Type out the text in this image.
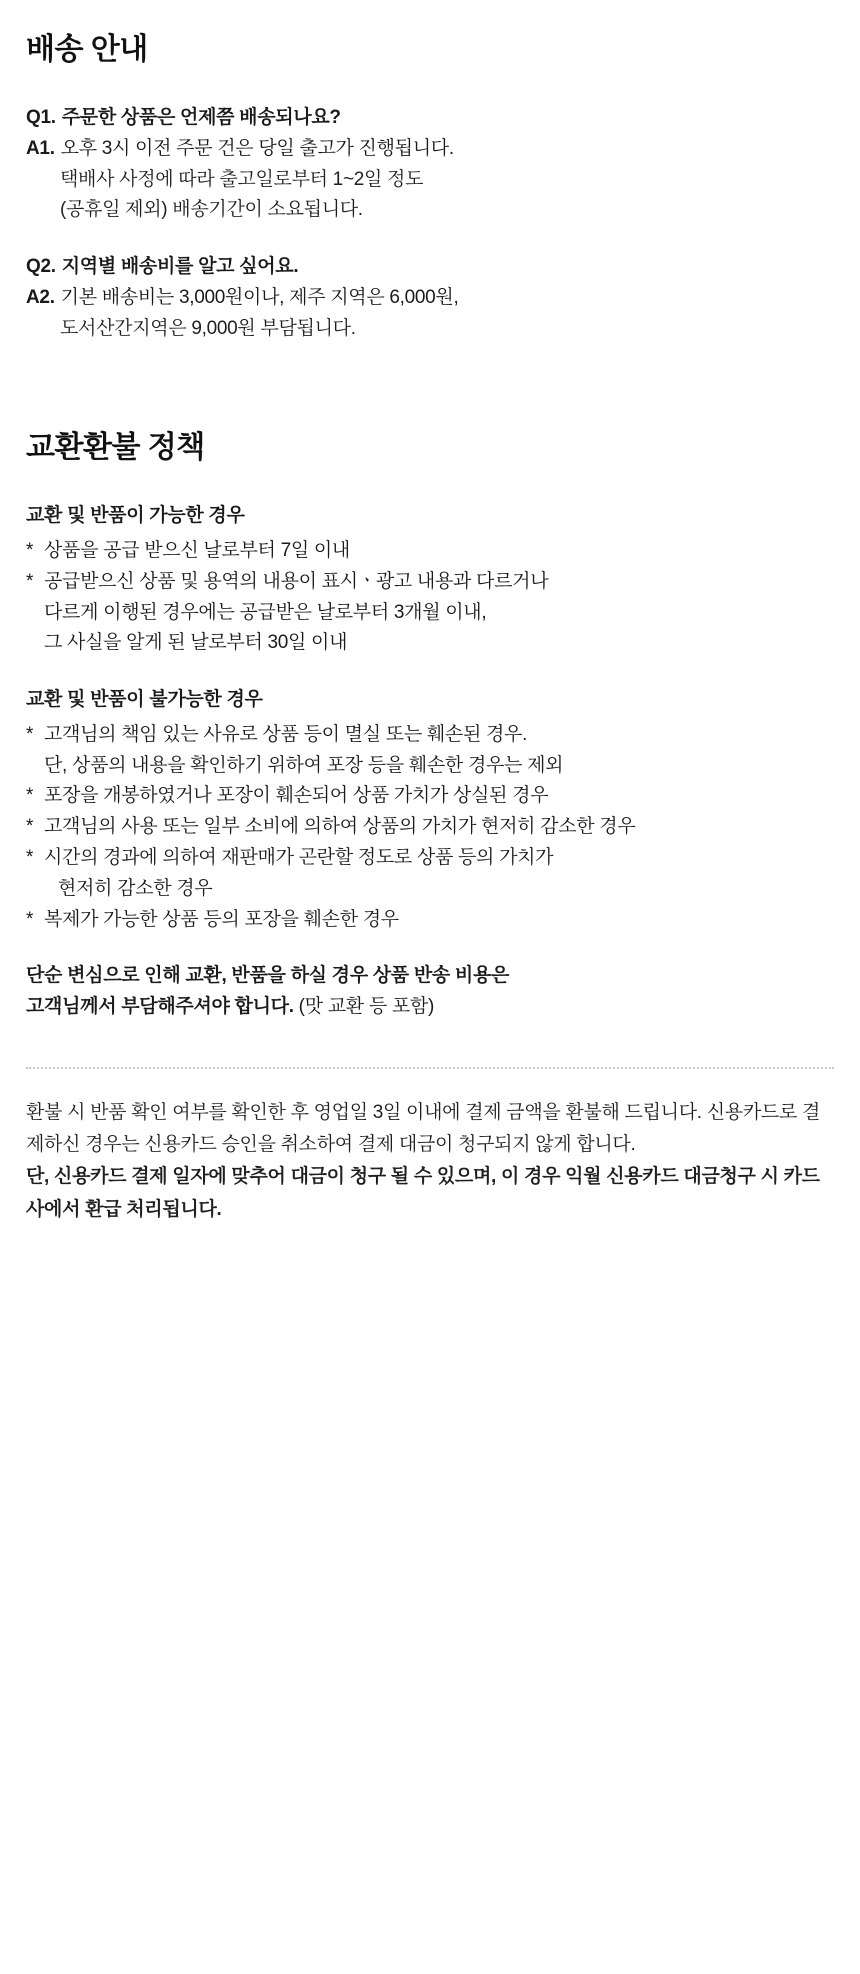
배송 안내
Q1. 주문한 상품은 언제쯤 배송되나요?
A1. 오후 3시 이전 주문 건은 당일 출고가 진행됩니다.
택배사 사정에 따라 출고일로부터 1~2일 정도
(공휴일 제외) 배송기간이 소요됩니다.
Q2. 지역별 배송비를 알고 싶어요.
A2. 기본 배송비는 3,000원이나, 제주 지역은 6,000원,
도서산간지역은 9,000원 부담됩니다.
교환환불 정책
교환 및 반품이 가능한 경우
* 상품을 공급 받으신 날로부터 7일 이내
* 공급받으신 상품 및 용역의 내용이 표시ㆍ광고 내용과 다르거나
다르게 이행된 경우에는 공급받은 날로부터 3개월 이내,
그 사실을 알게 된 날로부터 30일 이내
교환 및 반품이 불가능한 경우
* 고객님의 책임 있는 사유로 상품 등이 멸실 또는 훼손된 경우.
단, 상품의 내용을 확인하기 위하여 포장 등을 훼손한 경우는 제외
* 포장을 개봉하였거나 포장이 훼손되어 상품 가치가 상실된 경우
* 고객님의 사용 또는 일부 소비에 의하여 상품의 가치가 현저히 감소한 경우
* 시간의 경과에 의하여 재판매가 곤란할 정도로 상품 등의 가치가
현저히 감소한 경우
* 복제가 가능한 상품 등의 포장을 훼손한 경우
단순 변심으로 인해 교환, 반품을 하실 경우 상품 반송 비용은
고객님께서 부담해주셔야 합니다. (맛 교환 등 포함)

환불 시 반품 확인 여부를 확인한 후 영업일 3일 이내에 결제 금액을 환불해 드립니다. 신용카드로 결제하신 경우는 신용카드 승인을 취소하여 결제 대금이 청구되지 않게 합니다.

단, 신용카드 결제 일자에 맞추어 대금이 청구 될 수 있으며, 이 경우 익월 신용카드 대금청구 시 카드사에서 환급 처리됩니다.
